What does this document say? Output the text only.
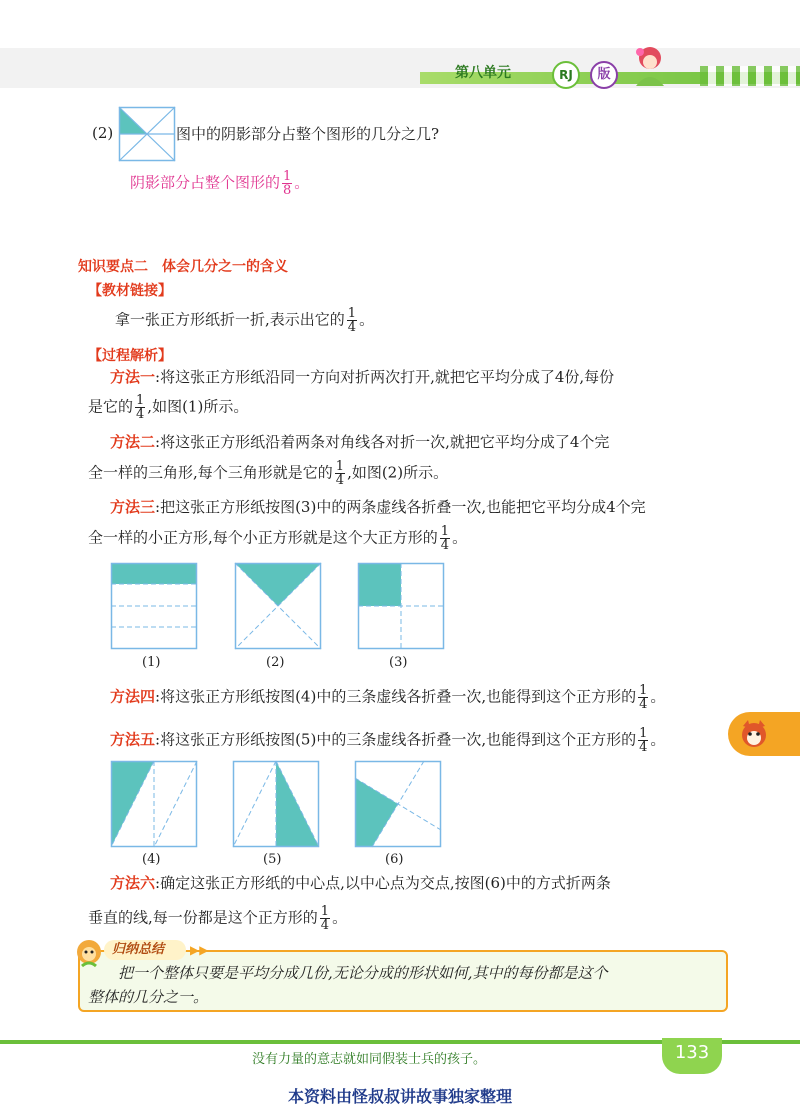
第八单元	RJ	版
(2)	图中的阴影部分占整个图形的几分之几?
阴影部分占整个图形的 $\frac{1}{8}$ 。
知识要点二　体会几分之一的含义
【教材链接】
拿一张正方形纸折一折,表示出它的 $\frac{1}{4}$ 。
【过程解析】
方法一:将这张正方形纸沿同一方向对折两次打开,就把它平均分成了4份,每份
是它的 $\frac{1}{4}$ ,如图(1)所示。
方法二:将这张正方形纸沿着两条对角线各对折一次,就把它平均分成了4个完
全一样的三角形,每个三角形就是它的 $\frac{1}{4}$ ,如图(2)所示。
方法三:把这张正方形纸按图(3)中的两条虚线各折叠一次,也能把它平均分成4个完
全一样的小正方形,每个小正方形就是这个大正方形的 $\frac{1}{4}$ 。
(1)	(2)	(3)
方法四:将这张正方形纸按图(4)中的三条虚线各折叠一次,也能得到这个正方形的 $\frac{1}{4}$ 。
方法五:将这张正方形纸按图(5)中的三条虚线各折叠一次,也能得到这个正方形的 $\frac{1}{4}$ 。
(4)	(5)	(6)
方法六:确定这张正方形纸的中心点,以中心点为交点,按图(6)中的方式折两条
垂直的线,每一份都是这个正方形的 $\frac{1}{4}$ 。
归纳总结	▶▶
把一个整体只要是平均分成几份,无论分成的形状如何,其中的每份都是这个
整体的几分之一。
没有力量的意志就如同假装士兵的孩子。	133
本资料由怪叔叔讲故事独家整理
